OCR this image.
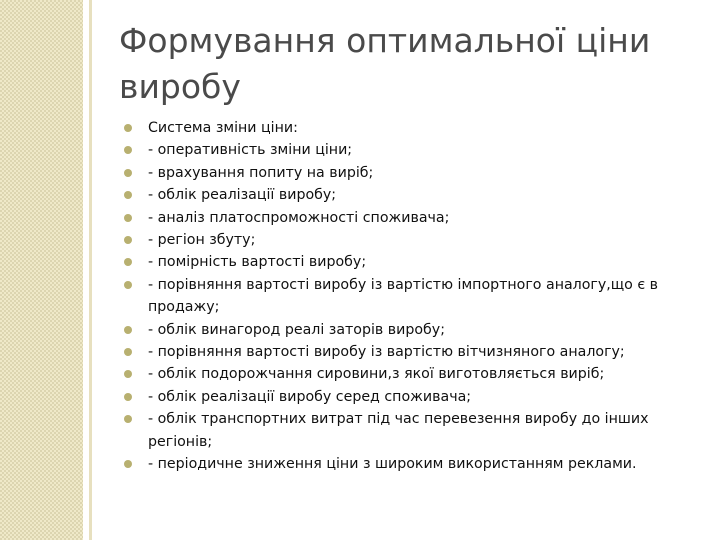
Формування оптимальної ціни
виробу
Система зміни ціни:
- оперативність зміни ціни;
- врахування попиту на виріб;
- облік реалізації виробу;
- аналіз платоспроможності споживача;
- регіон збуту;
- помірність вартості виробу;
- порівняння вартості виробу із вартістю імпортного аналогу,що є в продажу;
- облік винагород реалі заторів виробу;
- порівняння вартості виробу із вартістю вітчизняного аналогу;
- облік подорожчання сировини,з якої виготовляється виріб;
- облік реалізації виробу серед споживача;
- облік транспортних витрат під час перевезення виробу до інших регіонів;
- періодичне зниження ціни з широким використанням реклами.
